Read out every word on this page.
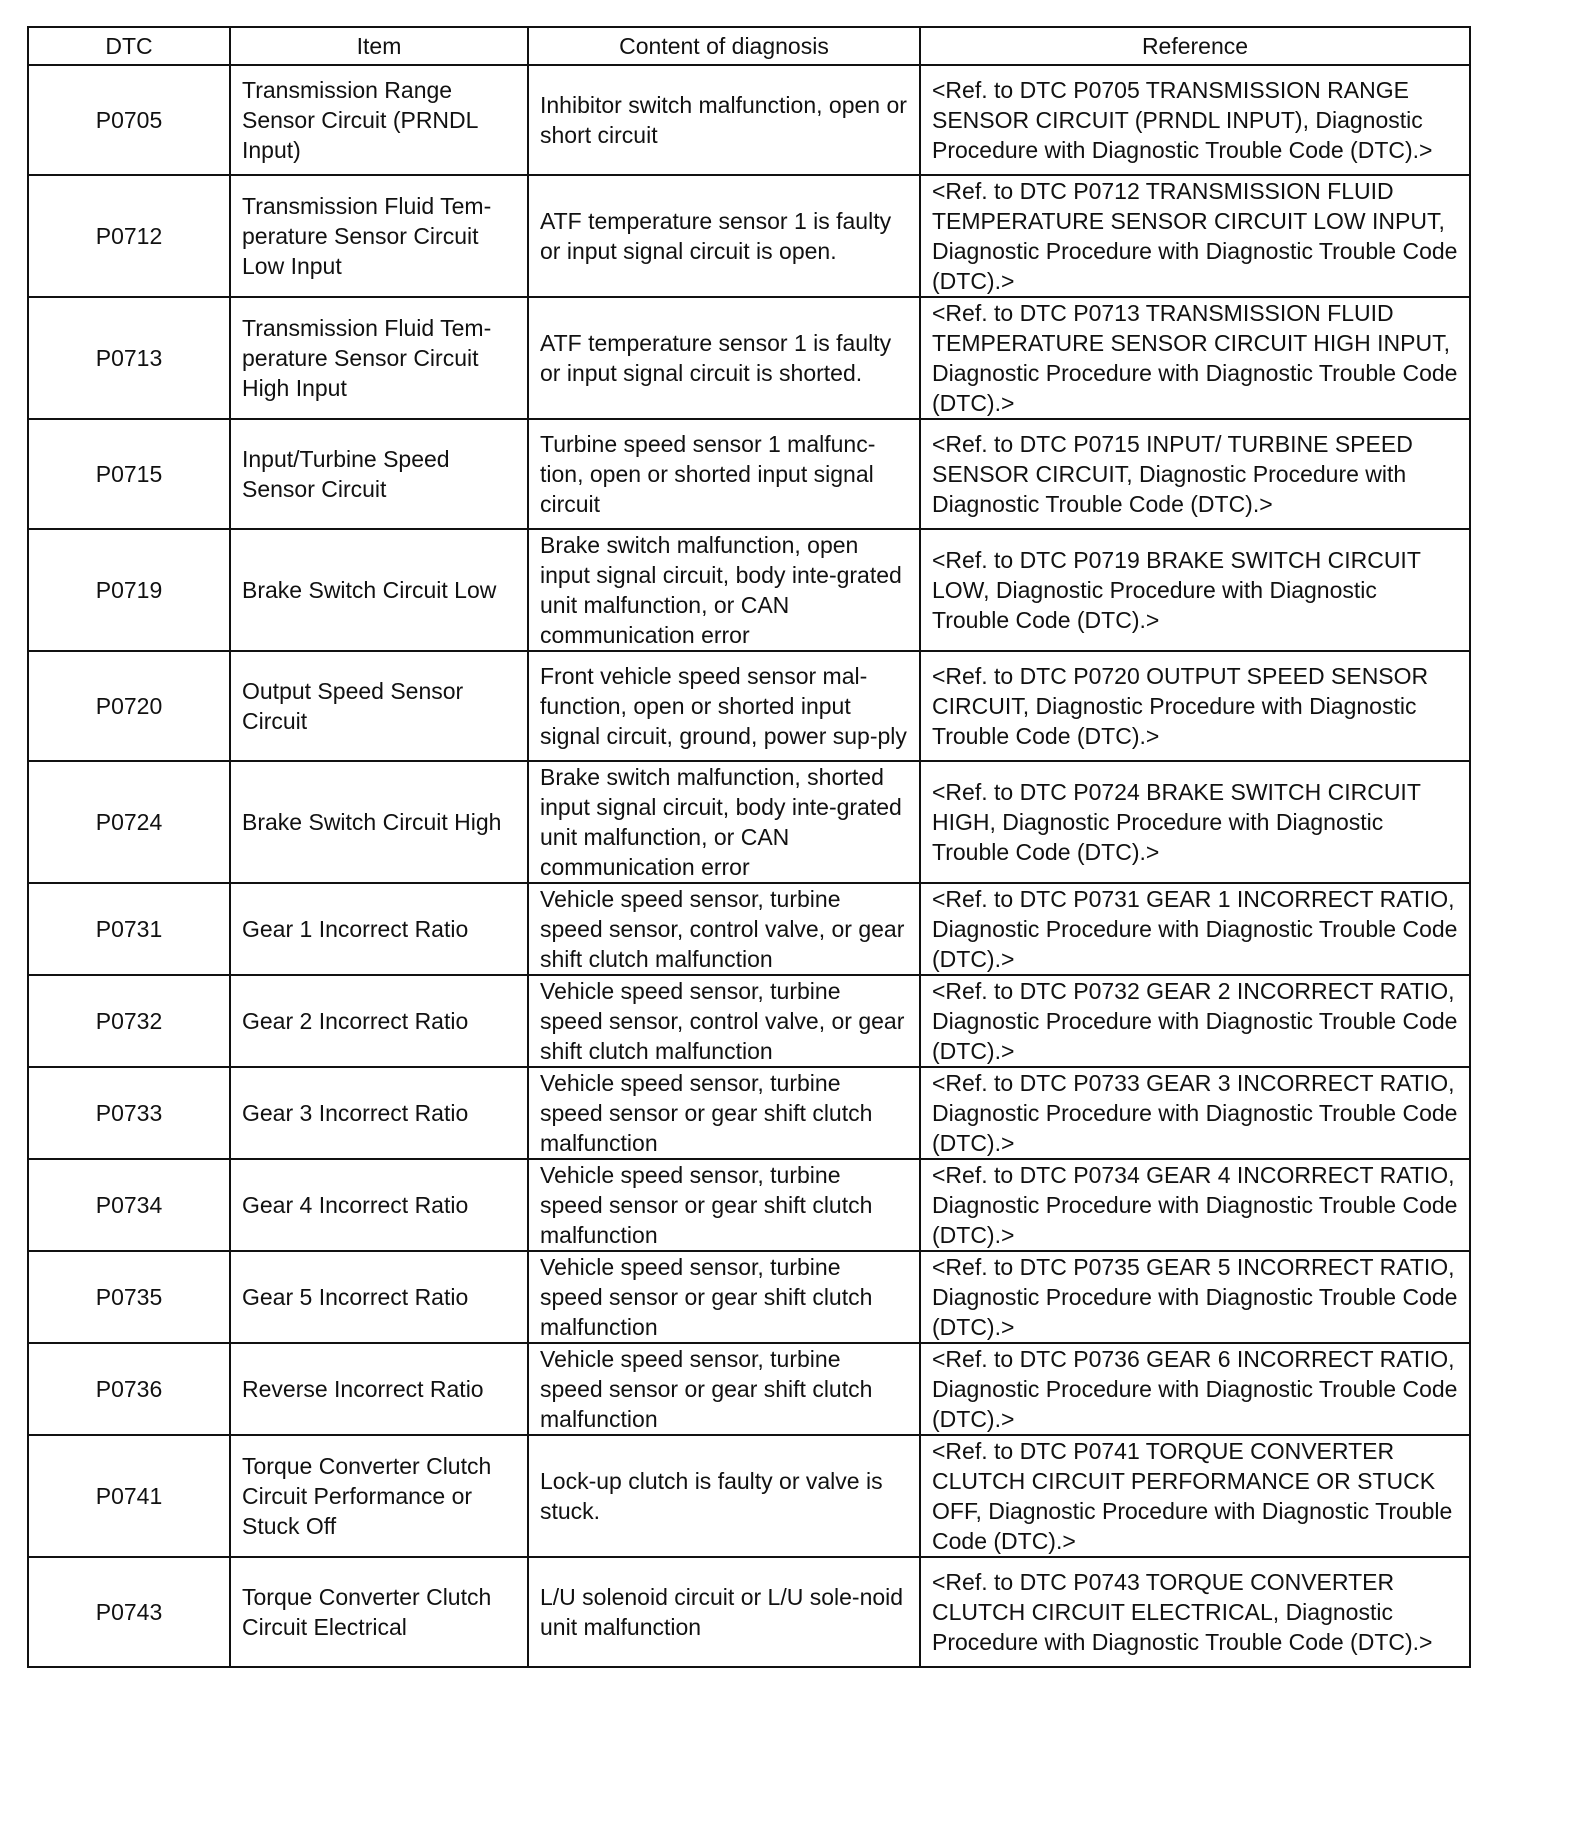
DTC	Item	Content of diagnosis	Reference
P0705	Transmission Range Sensor Circuit (PRNDL Input)	Inhibitor switch malfunction, open or short circuit	<Ref. to DTC P0705 TRANSMISSION RANGE SENSOR CIRCUIT (PRNDL INPUT), Diagnostic Procedure with Diagnostic Trouble Code (DTC).>
P0712	Transmission Fluid Tem-perature Sensor Circuit Low Input	ATF temperature sensor 1 is faulty or input signal circuit is open.	<Ref. to DTC P0712 TRANSMISSION FLUID TEMPERATURE SENSOR CIRCUIT LOW INPUT, Diagnostic Procedure with Diagnostic Trouble Code (DTC).>
P0713	Transmission Fluid Tem-perature Sensor Circuit High Input	ATF temperature sensor 1 is faulty or input signal circuit is shorted.	<Ref. to DTC P0713 TRANSMISSION FLUID TEMPERATURE SENSOR CIRCUIT HIGH INPUT, Diagnostic Procedure with Diagnostic Trouble Code (DTC).>
P0715	Input/Turbine Speed Sensor Circuit	Turbine speed sensor 1 malfunc-tion, open or shorted input signal circuit	<Ref. to DTC P0715 INPUT/ TURBINE SPEED SENSOR CIRCUIT, Diagnostic Procedure with Diagnostic Trouble Code (DTC).>
P0719	Brake Switch Circuit Low	Brake switch malfunction, open input signal circuit, body inte-grated unit malfunction, or CAN communication error	<Ref. to DTC P0719 BRAKE SWITCH CIRCUIT LOW, Diagnostic Procedure with Diagnostic Trouble Code (DTC).>
P0720	Output Speed Sensor Circuit	Front vehicle speed sensor mal-function, open or shorted input signal circuit, ground, power sup-ply	<Ref. to DTC P0720 OUTPUT SPEED SENSOR CIRCUIT, Diagnostic Procedure with Diagnostic Trouble Code (DTC).>
P0724	Brake Switch Circuit High	Brake switch malfunction, shorted input signal circuit, body inte-grated unit malfunction, or CAN communication error	<Ref. to DTC P0724 BRAKE SWITCH CIRCUIT HIGH, Diagnostic Procedure with Diagnostic Trouble Code (DTC).>
P0731	Gear 1 Incorrect Ratio	Vehicle speed sensor, turbine speed sensor, control valve, or gear shift clutch malfunction	<Ref. to DTC P0731 GEAR 1 INCORRECT RATIO, Diagnostic Procedure with Diagnostic Trouble Code (DTC).>
P0732	Gear 2 Incorrect Ratio	Vehicle speed sensor, turbine speed sensor, control valve, or gear shift clutch malfunction	<Ref. to DTC P0732 GEAR 2 INCORRECT RATIO, Diagnostic Procedure with Diagnostic Trouble Code (DTC).>
P0733	Gear 3 Incorrect Ratio	Vehicle speed sensor, turbine speed sensor or gear shift clutch malfunction	<Ref. to DTC P0733 GEAR 3 INCORRECT RATIO, Diagnostic Procedure with Diagnostic Trouble Code (DTC).>
P0734	Gear 4 Incorrect Ratio	Vehicle speed sensor, turbine speed sensor or gear shift clutch malfunction	<Ref. to DTC P0734 GEAR 4 INCORRECT RATIO, Diagnostic Procedure with Diagnostic Trouble Code (DTC).>
P0735	Gear 5 Incorrect Ratio	Vehicle speed sensor, turbine speed sensor or gear shift clutch malfunction	<Ref. to DTC P0735 GEAR 5 INCORRECT RATIO, Diagnostic Procedure with Diagnostic Trouble Code (DTC).>
P0736	Reverse Incorrect Ratio	Vehicle speed sensor, turbine speed sensor or gear shift clutch malfunction	<Ref. to DTC P0736 GEAR 6 INCORRECT RATIO, Diagnostic Procedure with Diagnostic Trouble Code (DTC).>
P0741	Torque Converter Clutch Circuit Performance or Stuck Off	Lock-up clutch is faulty or valve is stuck.	<Ref. to DTC P0741 TORQUE CONVERTER CLUTCH CIRCUIT PERFORMANCE OR STUCK OFF, Diagnostic Procedure with Diagnostic Trouble Code (DTC).>
P0743	Torque Converter Clutch Circuit Electrical	L/U solenoid circuit or L/U sole-noid unit malfunction	<Ref. to DTC P0743 TORQUE CONVERTER CLUTCH CIRCUIT ELECTRICAL, Diagnostic Procedure with Diagnostic Trouble Code (DTC).>
